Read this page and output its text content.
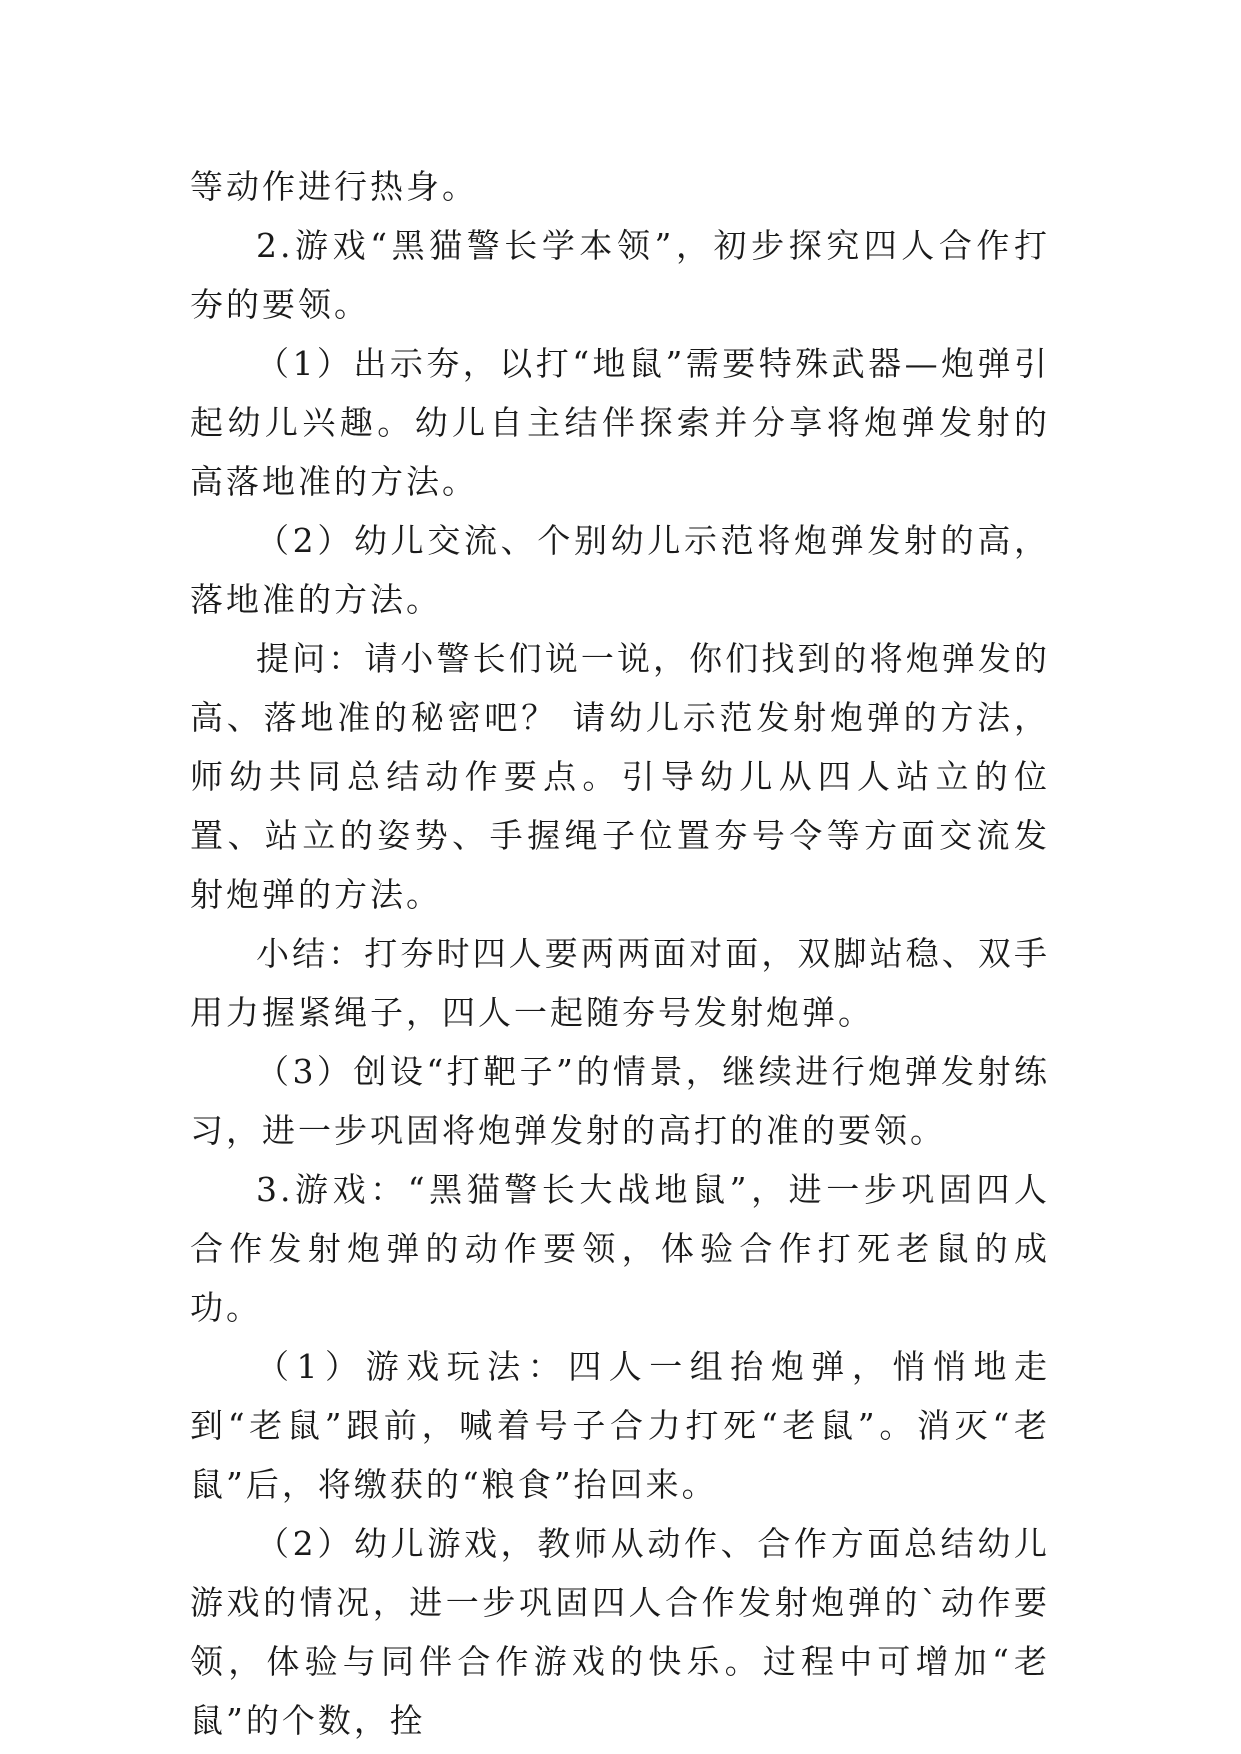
等动作进行热身。

2.游戏“黑猫警长学本领”，初步探究四人合作打夯的要领。

（1）出示夯，以打“地鼠”需要特殊武器—炮弹引起幼儿兴趣。幼儿自主结伴探索并分享将炮弹发射的高落地准的方法。

（2）幼儿交流、个别幼儿示范将炮弹发射的高，落地准的方法。

提问：请小警长们说一说，你们找到的将炮弹发的高、落地准的秘密吧？ 请幼儿示范发射炮弹的方法，师幼共同总结动作要点。引导幼儿从四人站立的位置、站立的姿势、手握绳子位置夯号令等方面交流发射炮弹的方法。

小结：打夯时四人要两两面对面，双脚站稳、双手用力握紧绳子，四人一起随夯号发射炮弹。

（3）创设“打靶子”的情景，继续进行炮弹发射练习，进一步巩固将炮弹发射的高打的准的要领。

3.游戏：“黑猫警长大战地鼠”，进一步巩固四人合作发射炮弹的动作要领，体验合作打死老鼠的成功。

（1）游戏玩法：四人一组抬炮弹，悄悄地走到“老鼠”跟前，喊着号子合力打死“老鼠”。消灭“老鼠”后，将缴获的“粮食”抬回来。

（2）幼儿游戏，教师从动作、合作方面总结幼儿游戏的情况，进一步巩固四人合作发射炮弹的`动作要领，体验与同伴合作游戏的快乐。过程中可增加“老鼠”的个数，拴
